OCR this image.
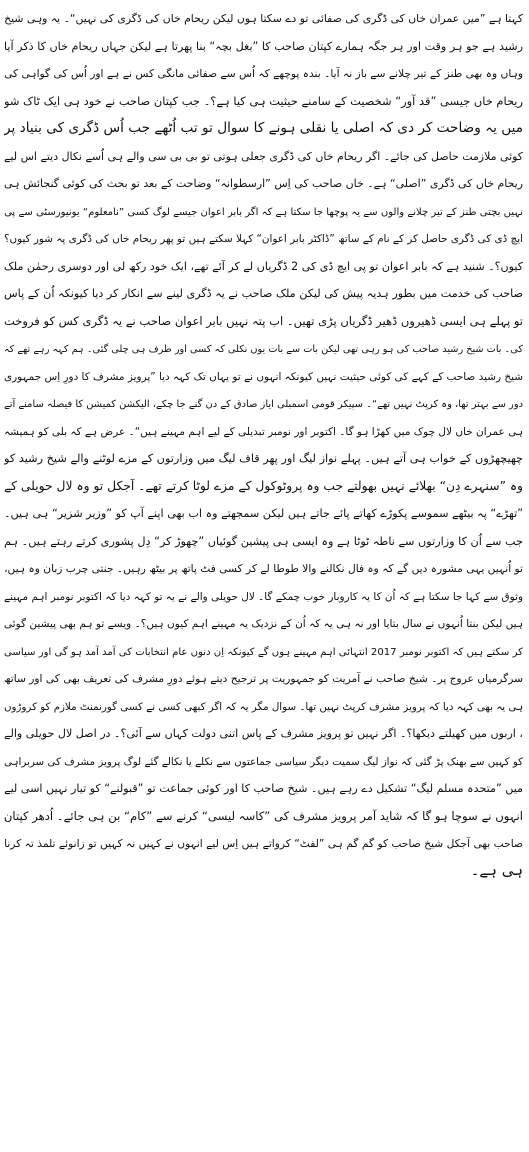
کہتا ہے ”میں عمران خاں کی ڈگری کی صفائی تو دے سکتا ہوں لیکن ریحام خاں کی ڈگری کی نہیں“۔ یہ وہی شیخ
رشید ہے جو ہر وقت اور ہر جگہ ہمارے کپتان صاحب کا ”بغل بچہ“ بنا پھرتا ہے لیکن جہاں ریحام خاں کا ذکر آیا
وہاں وہ بھی طنز کے تیر چلانے سے باز نہ آیا۔ بندہ پوچھے کہ اُس سے صفائی مانگی کس نے ہے اور اُس کی گواہی کی
ریحام خاں جیسی ”قد آور“ شخصیت کے سامنے حیثیت ہی کیا ہے؟۔ جب کپتان صاحب نے خود ہی ایک ٹاک شو
میں یہ وضاحت کر دی کہ اصلی یا نقلی ہونے کا سوال تو تب اُٹھے جب اُس ڈگری کی بنیاد پر
کوئی ملازمت حاصل کی جائے۔ اگر ریحام خاں کی ڈگری جعلی ہوتی تو بی بی سی والے ہی اُسے نکال دیتے اس لیے
ریحام خاں کی ڈگری ”اصلی“ ہے۔ خاں صاحب کی اِس ”ارسطوانہ“ وضاحت کے بعد تو بحث کی کوئی گنجائش ہی
نہیں بچتی طنز کے تیر چلانے والوں سے یہ پوچھا جا سکتا ہے کہ اگر بابر اعوان جیسے لوگ کسی ”نامعلوم“ یونیورسٹی سے پی
ایچ ڈی کی ڈگری حاصل کر کے نام کے ساتھ ”ڈاکٹر بابر اعوان“ کہلا سکتے ہیں تو پھر ریحام خاں کی ڈگری پہ شور کیوں؟
کیوں؟۔ شنید ہے کہ بابر اعوان تو پی ایچ ڈی کی 2 ڈگریاں لے کر آئے تھے، ایک خود رکھ لی اور دوسری رحمٰن ملک
صاحب کی خدمت میں بطور ہدیہ پیش کی لیکن ملک صاحب نے یہ ڈگری لینے سے انکار کر دیا کیونکہ اُن کے پاس
تو پہلے ہی ایسی ڈھیروں ڈھیر ڈگریاں پڑی تھیں۔ اب پتہ نہیں بابر اعوان صاحب نے یہ ڈگری کس کو فروخت
کی۔ بات شیخ رشید صاحب کی ہو رہی تھی لیکن بات سے بات یوں نکلی کہ کسی اور طرف ہی چلی گئی۔ ہم کہہ رہے تھے کہ
شیخ رشید صاحب کے کہے کی کوئی حیثیت نہیں کیونکہ انہوں نے تو یہاں تک کہہ دیا ”پرویز مشرف کا دورِ اِس جمہوری
دور سے بہتر تھا، وہ کرپٹ نہیں تھے“۔ سپیکر قومی اسمبلی ایاز صادق کے دن گنے جا چکے، الیکشن کمیشن کا فیصلہ سامنے آتے
ہی عمران خاں لال چوک میں کھڑا ہو گا۔ اکتوبر اور نومبر تبدیلی کے لیے اہم مہینے ہیں“۔ عرض ہے کہ بلی کو ہمیشہ
چھیچھڑوں کے خواب ہی آتے ہیں۔ پہلے نواز لیگ اور پھر قاف لیگ میں وزارتوں کے مزے لوٹنے والے شیخ رشید کو
وہ ”سنہرے دِن“ بھلائے نہیں بھولتے جب وہ پروٹوکول کے مزے لوٹا کرتے تھے۔ آجکل تو وہ لال حویلی کے
”تھڑے“ پہ بیٹھے سموسے پکوڑے کھاتے پائے جاتے ہیں لیکن سمجھتے وہ اب بھی اپنے آپ کو ”وزیر شزیر“ ہی ہیں۔
جب سے اُن کا وزارتوں سے ناطہ ٹوٹا ہے وہ ایسی ہی پیشین گوئیاں ”چھوڑ کر“ دِل پشوری کرتے رہتے ہیں۔ ہم
تو اُنہیں یہی مشورہ دیں گے کہ وہ فال نکالنے والا طوطا لے کر کسی فٹ پاتھ پر بیٹھ رہیں۔ جنتی چرب زبان وہ ہیں،
وثوق سے کہا جا سکتا ہے کہ اُن کا یہ کاروبار خوب چمکے گا۔ لال حویلی والے نے یہ تو کہہ دیا کہ اکتوبر نومبر اہم مہینے
ہیں لیکن بنتا اُنہوں نے سال بتایا اور نہ ہی یہ کہ اُن کے نزدیک یہ مہینے اہم کیوں ہیں؟۔ ویسے تو ہم بھی پیشین گوئی
کر سکتے ہیں کہ اکتوبر نومبر 2017 انتہائی اہم مہینے ہوں گے کیونکہ اِن دنوں عام انتخابات کی آمد آمد ہو گی اور سیاسی
سرگرمیاں عروج پر۔ شیخ صاحب نے آمریت کو جمہوریت پر ترجیح دیتے ہوئے دورِ مشرف کی تعریف بھی کی اور ساتھ
ہی یہ بھی کہہ دیا کہ پرویز مشرف کرپٹ نہیں تھا۔ سوال مگر یہ کہ اگر کبھی کسی نے کسی گورنمنٹ ملازم کو کروڑوں
، اربوں میں کھیلتے دیکھا؟۔ اگر نہیں تو پرویز مشرف کے پاس اتنی دولت کہاں سے آئی؟۔ در اصل لال حویلی والے
کو کہیں سے بھنک پڑ گئی کہ نواز لیگ سمیت دیگر سیاسی جماعتوں سے نکلے یا نکالے گئے لوگ پرویز مشرف کی سربراہی
میں ”متحدہ مسلم لیگ“ تشکیل دے رہے ہیں۔ شیخ صاحب کا اور کوئی جماعت تو ”قبولنے“ کو تیار نہیں اسی لیے
انہوں نے سوچا ہو گا کہ شاید آمر پرویز مشرف کی ”کاسہ لیسی“ کرنے سے ”کام“ بن ہی جائے۔ اُدھر کپتان
صاحب بھی آجکل شیخ صاحب کو گم گم ہی ”لفٹ“ کرواتے ہیں اِس لیے انہوں نے کہیں نہ کہیں تو زانوئے تلمذ تہ کرنا
ہی ہے۔
